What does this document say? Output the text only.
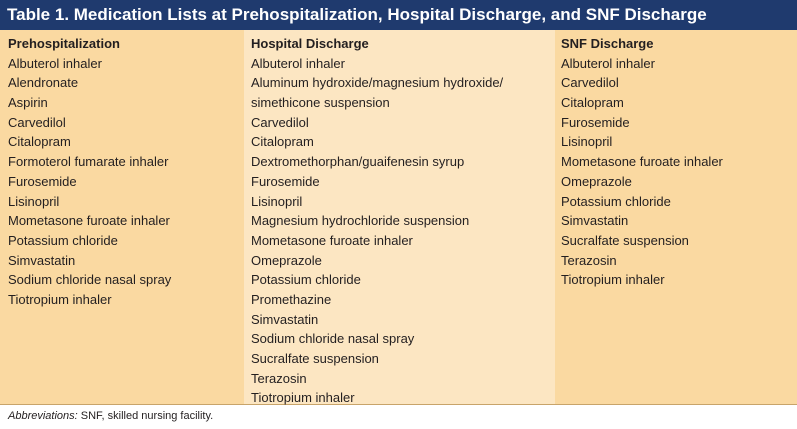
Table 1. Medication Lists at Prehospitalization, Hospital Discharge, and SNF Discharge
Prehospitalization
Albuterol inhaler
Alendronate
Aspirin
Carvedilol
Citalopram
Formoterol fumarate inhaler
Furosemide
Lisinopril
Mometasone furoate inhaler
Potassium chloride
Simvastatin
Sodium chloride nasal spray
Tiotropium inhaler
Hospital Discharge
Albuterol inhaler
Aluminum hydroxide/magnesium hydroxide/
simethicone suspension
Carvedilol
Citalopram
Dextromethorphan/guaifenesin syrup
Furosemide
Lisinopril
Magnesium hydrochloride suspension
Mometasone furoate inhaler
Omeprazole
Potassium chloride
Promethazine
Simvastatin
Sodium chloride nasal spray
Sucralfate suspension
Terazosin
Tiotropium inhaler
SNF Discharge
Albuterol inhaler
Carvedilol
Citalopram
Furosemide
Lisinopril
Mometasone furoate inhaler
Omeprazole
Potassium chloride
Simvastatin
Sucralfate suspension
Terazosin
Tiotropium inhaler
Abbreviations: SNF, skilled nursing facility.
